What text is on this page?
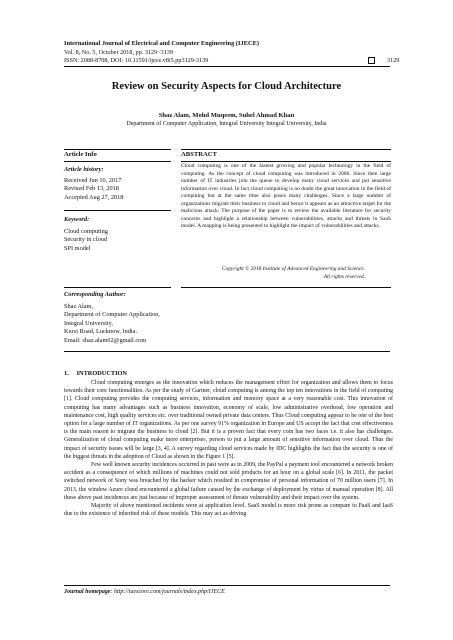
International Journal of Electrical and Computer Engineering (IJECE)
Vol. 8, No. 5, October 2018, pp. 3129~3139
ISSN: 2088-8708, DOI: 10.11591/ijece.v8i5.pp3129-3139	3129
Review on Security Aspects for Cloud Architecture
Shaz Alam, Mohd Muqeem, Suhel Ahmad Khan
Department of Computer Application, Integral University Integral University, India
Article Info	ABSTRACT
Article history:
Received Jun 10, 2017
Revised Feb 13, 2018
Accepted Aug 27, 2018
Keyword:
Cloud computing
Security in cloud
SPI model
Cloud computing is one of the fastest growing and popular technology in the field of computing. As the concept of cloud computing was introduced in 2006. Since then large number of IT industries join the queue to develop many cloud services and put sensitive information over cloud. In fact cloud computing is no doubt the great innovation in the field of computing but at the same time also poses many challenges. Since a large number of organizations migrate their business to cloud and hence it appears as an attractive target for the malicious attack. The purpose of the paper is to review the available literature for security concerns and highlight a relationship between vulnerabilities, attacks and threats in SaaS model. A mapping is being presented to highlight the impact of vulnerabilities and attacks.
Copyright © 2018 Institute of Advanced Engineering and Science.
All rights reserved.
Corresponding Author:
Shaz Alam,
Department of Computer Application,
Integral University,
Kursi Road, Lucknow, India.
Email: shaz.alam62@gmail.com
1.     INTRODUCTION

Cloud computing emerges as the innovation which reduces the management effort for organization and allows them to focus towards their core functionalities. As per the study of Gartner, cloud computing is among the top ten innovations in the field of computing [1]. Cloud computing provides the computing services, information and memory space at a very reasonable cost. This innovation of computing has many advantages such as business innovation, economy of scale, low administrative overhead, low operation and maintenance cost, high quality services etc. over traditional owned private data centers. Thus Cloud computing appear to be one of the best option for a large number of IT organizations. As per one survey 91% organization in Europe and US accept the fact that cost effectiveness is the main reason to migrate the business to cloud [2]. But it is a proven fact that every coin has two faces i.e. it also has challenges. Generalization of cloud computing make more enterprises, person to put a large amount of sensitive information over cloud. Thus the impact of security issues will be large [3, 4]. A survey regarding cloud services made by IDC highlights the fact that the security is one of the biggest threats in the adoption of Cloud as shown in the Figure 1 [5].

Few well known security incidences occurred in past were as in 2009, the PayPal a payment tool encountered a network broken accident as a consequence of which millions of machines could not sold products for an hour on a global scale [6]. In 2011, the packet switched network of Sony was breached by the hacker which resulted in compromise of personal information of 70 million users [7]. In 2013, the window Azure cloud encountered a global failure caused by the exchange of deployment by virtue of manual operation [8]. All these above past incidences are just because of improper assessment of threats vulnerability and their impact over the system.

Majority of above mentioned incidents were at application level. SaaS model is more risk prone as compare to PaaS and IaaS due to the existence of inherited risk of these models. This may act as driving

Journal homepage: http://iaescore.com/journals/index.php/IJECE
